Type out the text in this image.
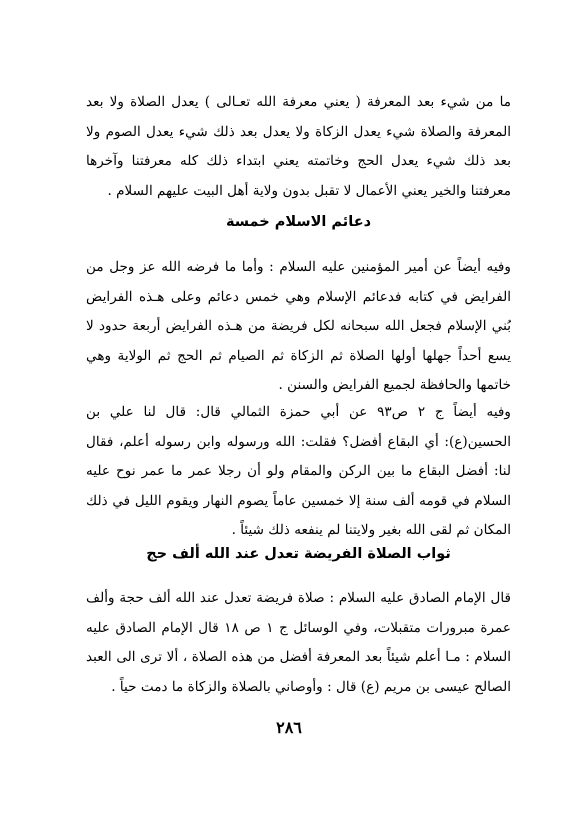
ما من شيء بعد المعرفة ( يعني معرفة الله تعـالى ) يعدل الصلاة ولا بعد المعرفة والصلاة شيء يعدل الزكاة ولا يعدل بعد ذلك شيء يعدل الصوم ولا بعد ذلك شيء يعدل الحج وخاتمته يعني ابتداء ذلك كله معرفتنا وآخرها معرفتنا والخير يعني الأعمال لا تقبل بدون ولاية أهل البيت عليهم السلام .

دعائم الاسلام خمسة

وفيه أيضاً عن أمير المؤمنين عليه السلام : وأما ما فرضه الله عز وجل من الفرايض في كتابه فدعائم الإسلام وهي خمس دعائم وعلى هـذه الفرايض بُني الإسلام فجعل الله سبحانه لكل فريضة من هـذه الفرايض أربعة حدود لا يسع أحداً جهلها أولها الصلاة ثم الزكاة ثم الصيام ثم الحج ثم الولاية وهي خاتمها والحافظة لجميع الفرايض والسنن .

وفيه أيضاً ج ٢ ص٩٣ عن أبي حمزة الثمالي قال: قال لنا علي بن الحسين(ع): أي البقاع أفضل؟ فقلت: الله ورسوله وابن رسوله أعلم، فقال لنا: أفضل البقاع ما بين الركن والمقام ولو أن رجلا عمر ما عمر نوح عليه السلام في قومه ألف سنة إلا خمسين عاماً يصوم النهار ويقوم الليل في ذلك المكان ثم لقى الله بغير ولايتنا لم ينفعه ذلك شيئاً .

ثواب الصلاة الفريضة تعدل عند الله ألف حج

قال الإمام الصادق عليه السلام : صلاة فريضة تعدل عند الله ألف حجة وألف عمرة مبرورات متقبلات، وفي الوسائل ج ١ ص ١٨ قال الإمام الصادق عليه السلام : مـا أعلم شيئاً بعد المعرفة أفضل من هذه الصلاة ، ألا ترى الى العبد الصالح عيسى بن مريم (ع) قال : وأوصاني بالصلاة والزكاة ما دمت حياً .

٢٨٦
